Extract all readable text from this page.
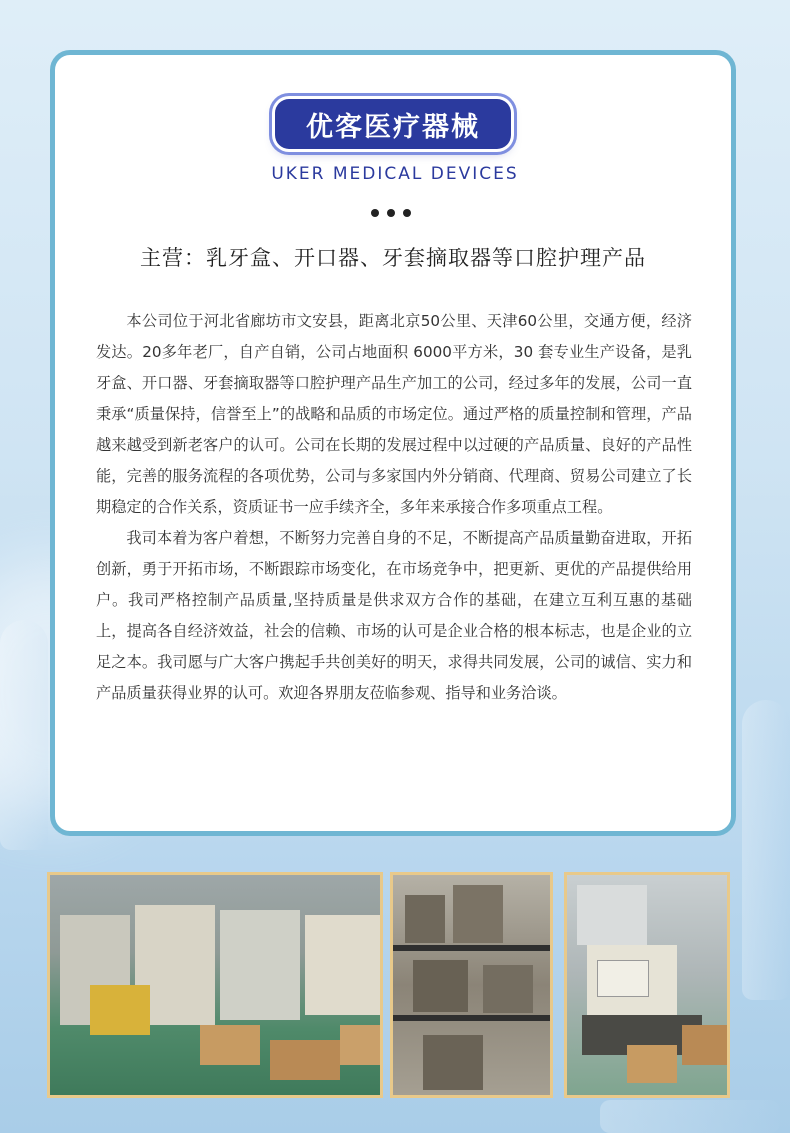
优客医疗器械
UKER MEDICAL DEVICES
主营：乳牙盒、开口器、牙套摘取器等口腔护理产品

本公司位于河北省廊坊市文安县，距离北京50公里、天津60公里，交通方便，经济发达。20多年老厂，自产自销，公司占地面积 6000平方米，30 套专业生产设备，是乳牙盒、开口器、牙套摘取器等口腔护理产品生产加工的公司，经过多年的发展，公司一直秉承“质量保持，信誉至上”的战略和品质的市场定位。通过严格的质量控制和管理，产品越来越受到新老客户的认可。公司在长期的发展过程中以过硬的产品质量、良好的产品性能，完善的服务流程的各项优势，公司与多家国内外分销商、代理商、贸易公司建立了长期稳定的合作关系，资质证书一应手续齐全，多年来承接合作多项重点工程。

我司本着为客户着想，不断努力完善自身的不足，不断提高产品质量勤奋进取，开拓创新，勇于开拓市场，不断跟踪市场变化，在市场竞争中，把更新、更优的产品提供给用户。我司严格控制产品质量,坚持质量是供求双方合作的基础，在建立互利互惠的基础上，提高各自经济效益，社会的信赖、市场的认可是企业合格的根本标志，也是企业的立足之本。我司愿与广大客户携起手共创美好的明天，求得共同发展，公司的诚信、实力和产品质量获得业界的认可。欢迎各界朋友莅临参观、指导和业务洽谈。
